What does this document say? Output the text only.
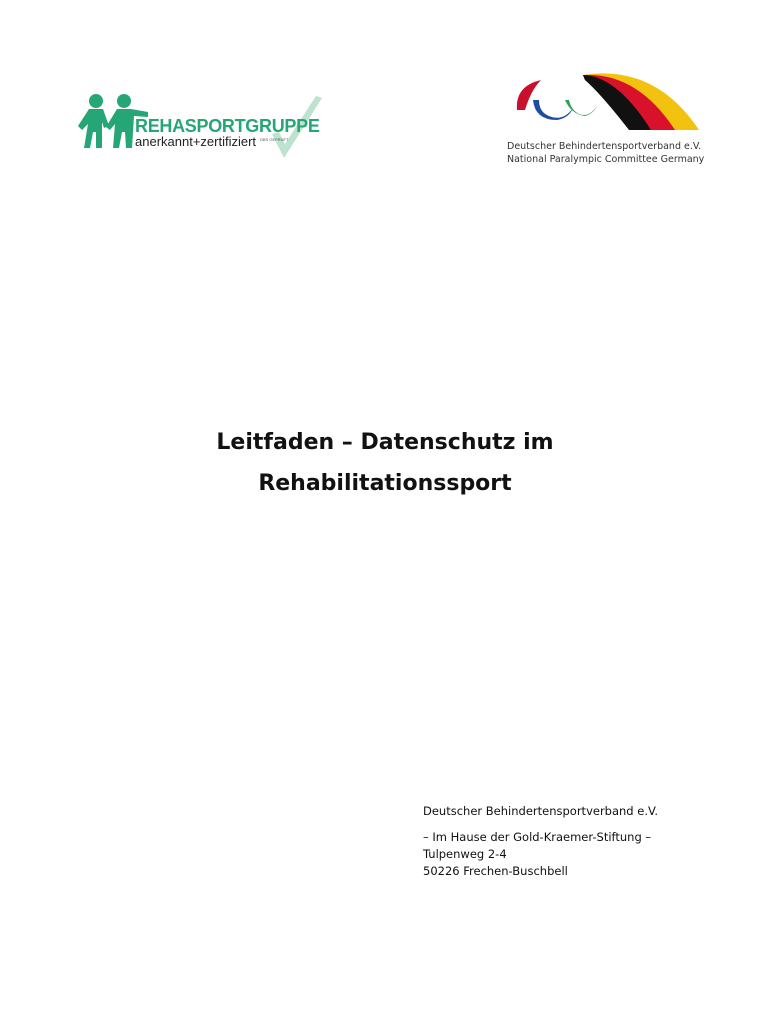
REHASPORTGRUPPE
anerkannt+zertifiziert DBS GEPRÜFT
Deutscher Behindertensportverband e.V.
National Paralympic Committee Germany
Leitfaden – Datenschutz im
Rehabilitationssport
Deutscher Behindertensportverband e.V.
– Im Hause der Gold-Kraemer-Stiftung –
Tulpenweg 2-4
50226 Frechen-Buschbell
